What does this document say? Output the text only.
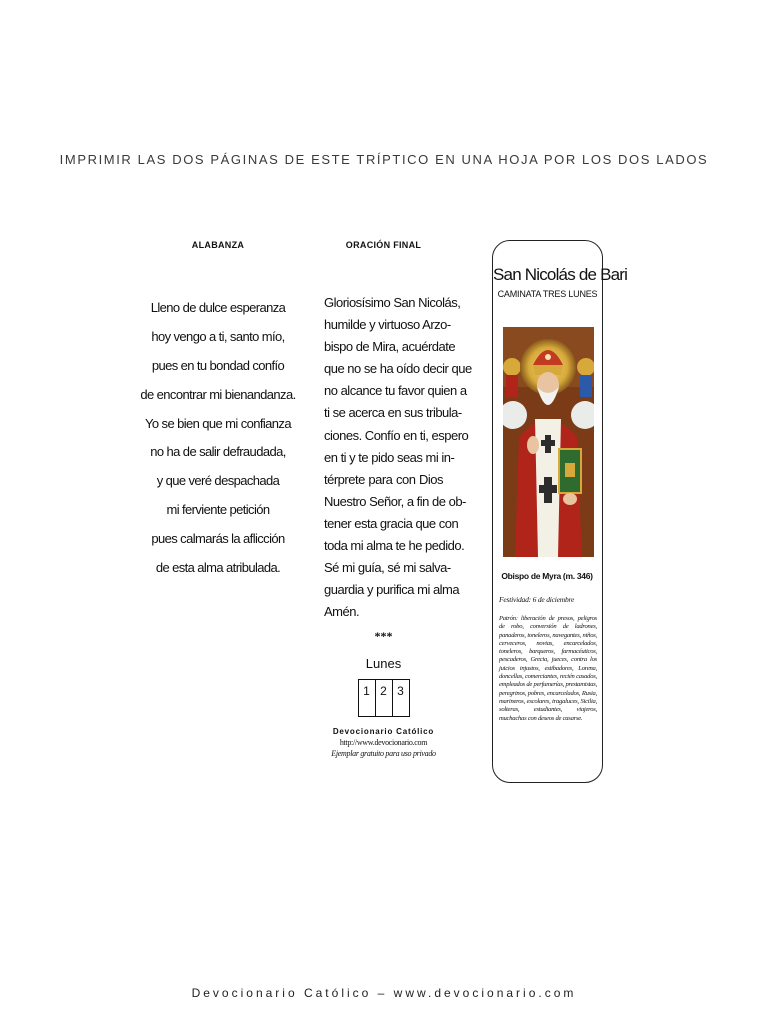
IMPRIMIR LAS DOS PÁGINAS DE ESTE TRÍPTICO EN UNA HOJA POR LOS DOS LADOS
ALABANZA
Lleno de dulce esperanza
hoy vengo a ti, santo mío,
pues en tu bondad confío
de encontrar mi bienandanza.
Yo se bien que mi confianza
no ha de salir defraudada,
y que veré despachada
mi ferviente petición
pues calmarás la aflicción
de esta alma atribulada.
ORACIÓN FINAL
Gloriosísimo San Nicolás,
humilde y virtuoso Arzo-
bispo de Mira, acuérdate
que no se ha oído decir que
no alcance tu favor quien a
ti se acerca en sus tribula-
ciones. Confío en ti, espero
en ti y te pido seas mi in-
térprete para con Dios
Nuestro Señor, a fin de ob-
tener esta gracia que con
toda mi alma te he pedido.
Sé mi guía, sé mi salva-
guardia y purifica mi alma
Amén.
***
Lunes
1 2 3
Devocionario Católico
http://www.devocionario.com
Ejemplar gratuito para uso privado
San Nicolás de Bari
CAMINATA TRES LUNES
Obispo de Myra (m. 346)
Festividad: 6 de diciembre
Patrón: liberación de presos, peligros de robo, conversión de ladrones, panaderos, toneleros, navegantes, niños, cerveceros, novias, encarcelados, toneleros, barqueros, farmacéuticos, pescaderos, Grecia, jueces, contra los juicios injustos, estibadores, Lorena, doncellas, comerciantes, recién casados, empleados de perfumerías, prestamistas, peregrinos, pobres, encarcelados, Rusia, marineros, escolares, tragaluces, Sicilia, solteras, estudiantes, viajeros, muchachas con deseos de casarse.
Devocionario Católico – www.devocionario.com
